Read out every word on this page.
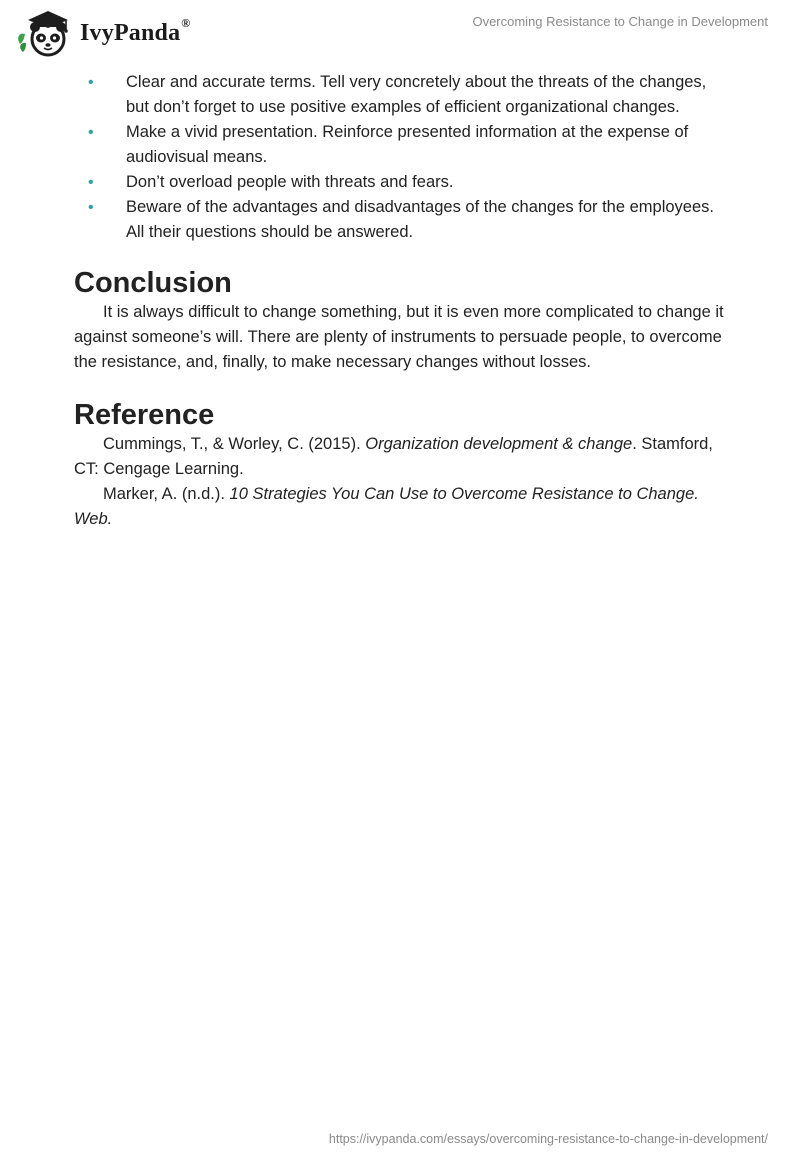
IvyPanda®	Overcoming Resistance to Change in Development
• Clear and accurate terms. Tell very concretely about the threats of the changes, but don’t forget to use positive examples of efficient organizational changes.
• Make a vivid presentation. Reinforce presented information at the expense of audiovisual means.
• Don’t overload people with threats and fears.
• Beware of the advantages and disadvantages of the changes for the employees. All their questions should be answered.
Conclusion

It is always difficult to change something, but it is even more complicated to change it against someone’s will. There are plenty of instruments to persuade people, to overcome the resistance, and, finally, to make necessary changes without losses.

Reference

Cummings, T., & Worley, C. (2015). Organization development & change. Stamford, CT: Cengage Learning.

Marker, A. (n.d.). 10 Strategies You Can Use to Overcome Resistance to Change. Web.

https://ivypanda.com/essays/overcoming-resistance-to-change-in-development/
